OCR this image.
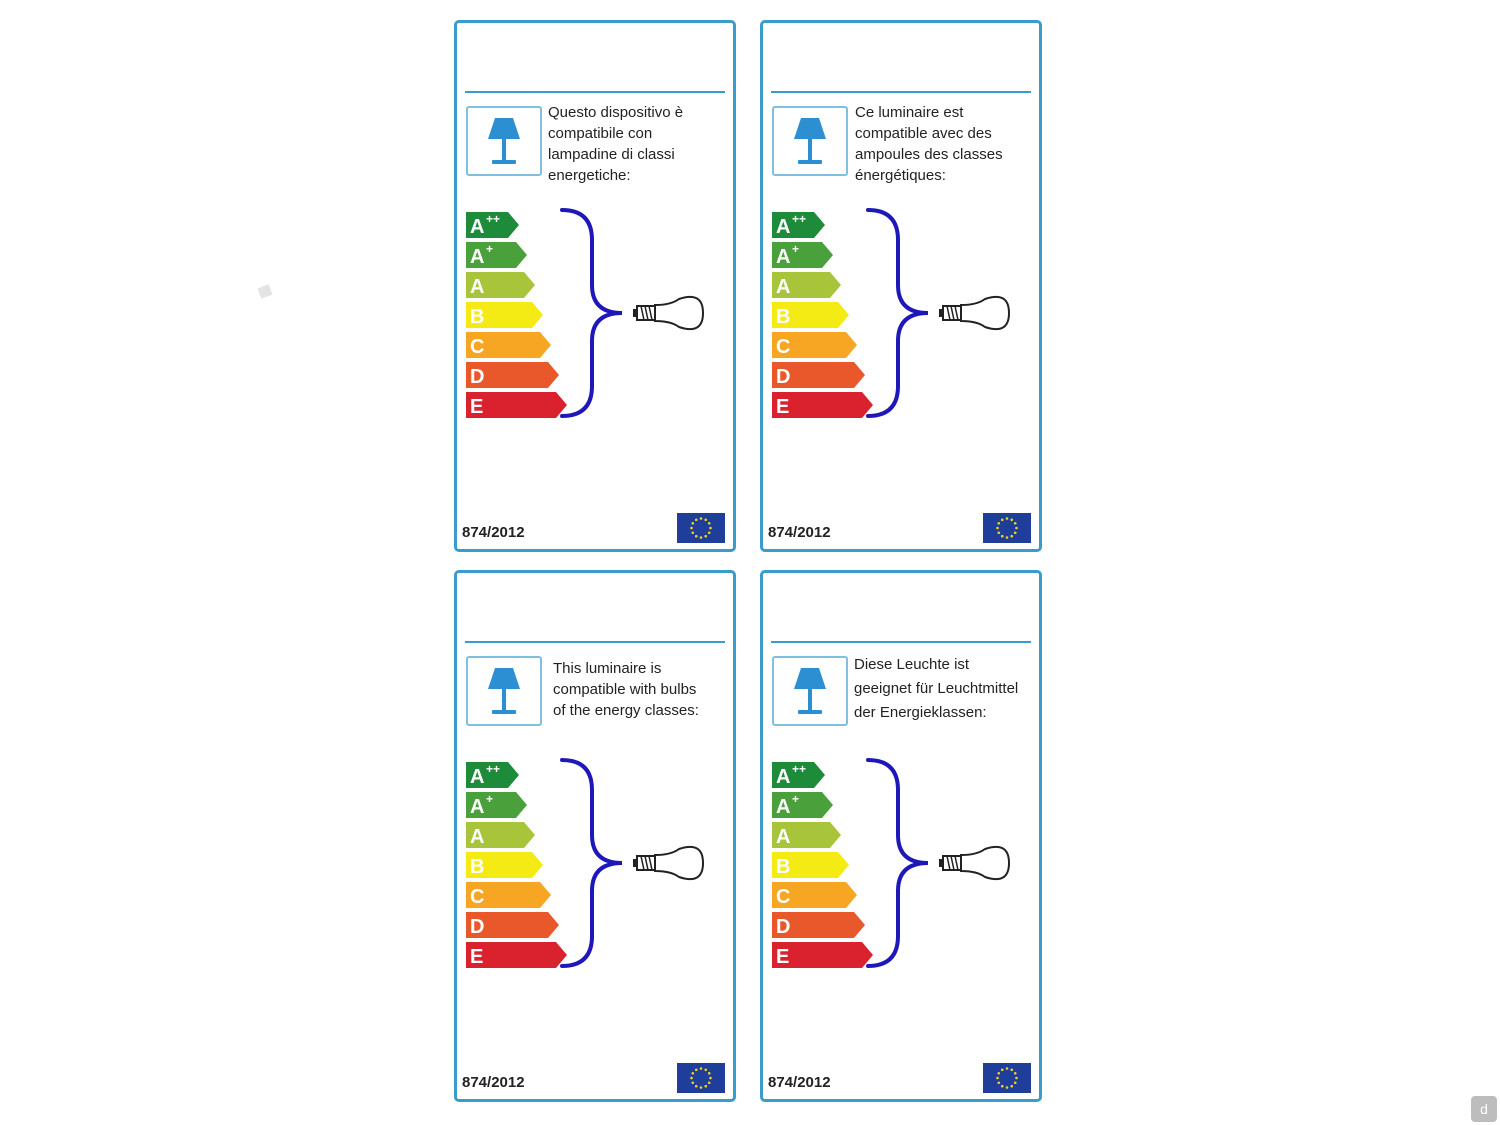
Questo dispositivo è
compatibile con
lampadine di classi
energetiche:

A ++
A +
A
B
C
D
E
874/2012

Ce luminaire est
compatible avec des
ampoules des classes
énergétiques:

A ++
A +
A
B
C
D
E
874/2012

This luminaire is
compatible with bulbs
of the energy classes:

A ++
A +
A
B
C
D
E
874/2012

Diese Leuchte ist
geeignet für Leuchtmittel
der Energieklassen:

A ++
A +
A
B
C
D
E
874/2012
d
